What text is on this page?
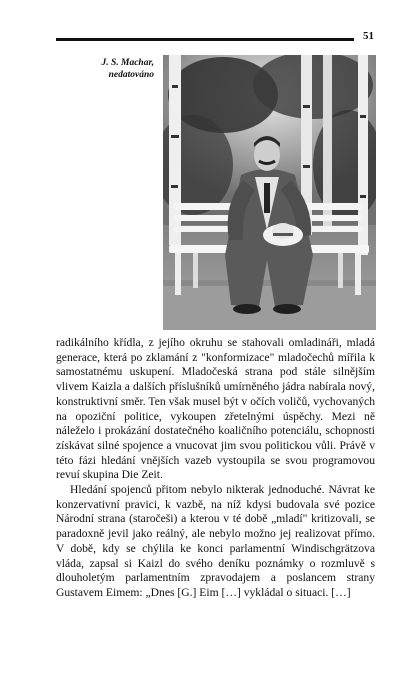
51
J. S. Machar,
nedatováno

radikálního křídla, z jejího okruhu se stahovali omladináři, mladá generace, která po zklamání z "konformizace" mladočechů mířila k samostatnému uskupení. Mladočeská strana pod stále silnějším vlivem Kaizla a dalších příslušníků umírněného jádra nabírala nový, konstruktivní směr. Ten však musel být v očích voličů, vychovaných na opoziční politice, vykoupen zřetelnými úspěchy. Mezi ně náleželo i prokázání dostatečného koaličního potenciálu, schopnosti získávat silné spojence a vnucovat jim svou politickou vůli. Právě v této fázi hledání vnějších vazeb vystoupila se svou programovou revuí skupina Die Zeit.

Hledání spojenců přitom nebylo nikterak jednoduché. Návrat ke konzervativní pravici, k vazbě, na níž kdysi budovala své pozice Národní strana (staročeši) a kterou v té době „mladí" kritizovali, se paradoxně jevil jako reálný, ale nebylo možno jej realizovat přímo. V době, kdy se chýlila ke konci parlamentní Windischgrätzova vláda, zapsal si Kaizl do svého deníku poznámky o rozmluvě s dlouholetým parlamentním zpravodajem a poslancem strany Gustavem Eimem: „Dnes [G.] Eim […] vykládal o situaci. […]
